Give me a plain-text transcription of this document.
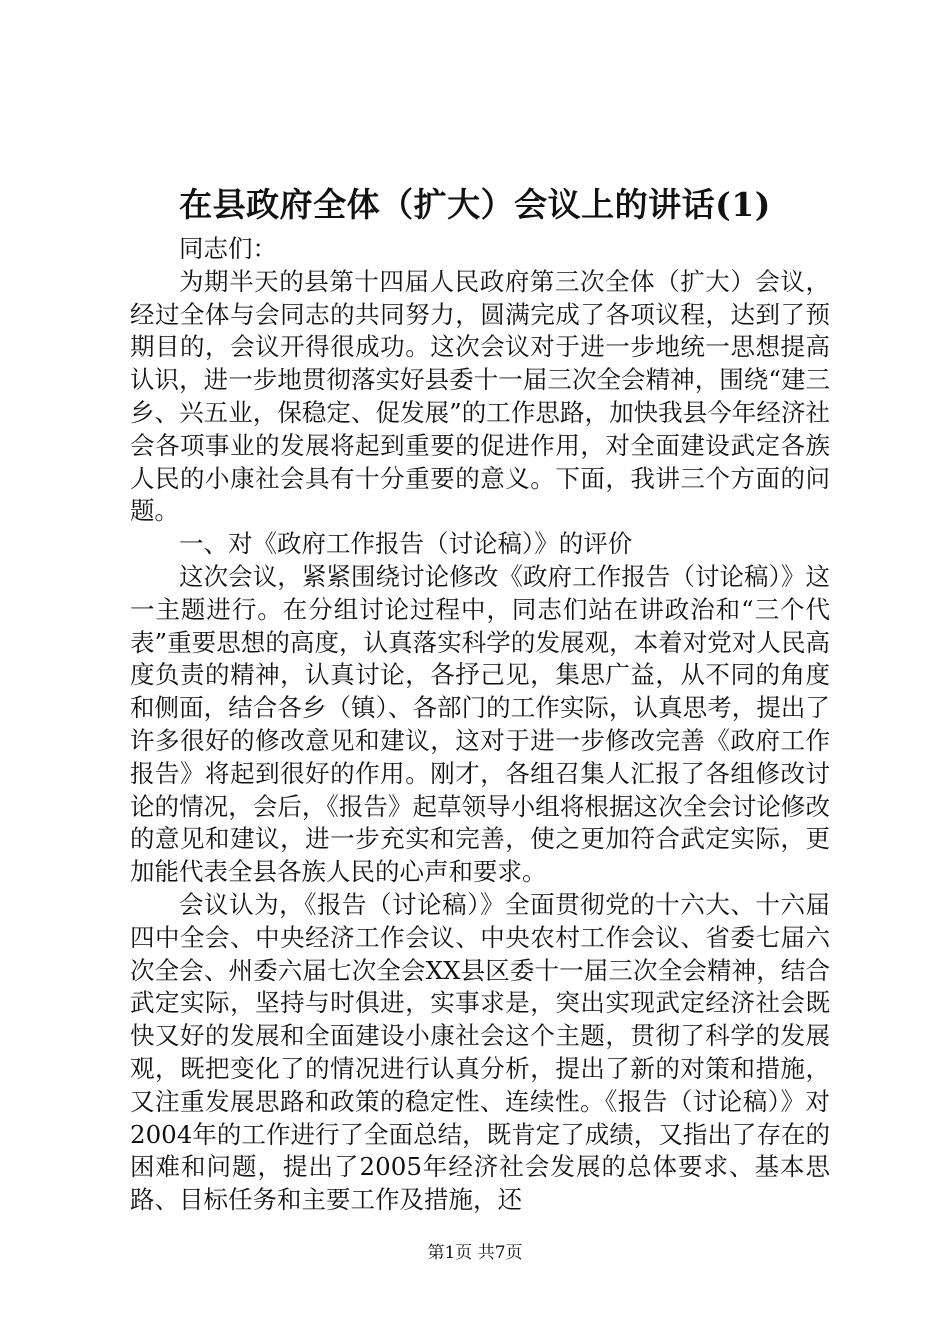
在县政府全体（扩大）会议上的讲话(1)

同志们：

为期半天的县第十四届人民政府第三次全体（扩大）会议，经过全体与会同志的共同努力，圆满完成了各项议程，达到了预期目的，会议开得很成功。这次会议对于进一步地统一思想提高认识，进一步地贯彻落实好县委十一届三次全会精神，围绕“建三乡、兴五业，保稳定、促发展”的工作思路，加快我县今年经济社会各项事业的发展将起到重要的促进作用，对全面建设武定各族人民的小康社会具有十分重要的意义。下面，我讲三个方面的问题。

一、对《政府工作报告（讨论稿）》的评价

这次会议，紧紧围绕讨论修改《政府工作报告（讨论稿）》这一主题进行。在分组讨论过程中，同志们站在讲政治和“三个代表”重要思想的高度，认真落实科学的发展观，本着对党对人民高度负责的精神，认真讨论，各抒己见，集思广益，从不同的角度和侧面，结合各乡（镇）、各部门的工作实际，认真思考，提出了许多很好的修改意见和建议，这对于进一步修改完善《政府工作报告》将起到很好的作用。刚才，各组召集人汇报了各组修改讨论的情况，会后，《报告》起草领导小组将根据这次全会讨论修改的意见和建议，进一步充实和完善，使之更加符合武定实际，更加能代表全县各族人民的心声和要求。

会议认为，《报告（讨论稿）》全面贯彻党的十六大、十六届四中全会、中央经济工作会议、中央农村工作会议、省委七届六次全会、州委六届七次全会XX县区委十一届三次全会精神，结合武定实际，坚持与时俱进，实事求是，突出实现武定经济社会既快又好的发展和全面建设小康社会这个主题，贯彻了科学的发展观，既把变化了的情况进行认真分析，提出了新的对策和措施，又注重发展思路和政策的稳定性、连续性。《报告（讨论稿）》对2004年的工作进行了全面总结，既肯定了成绩，又指出了存在的困难和问题，提出了2005年经济社会发展的总体要求、基本思路、目标任务和主要工作及措施，还

第1页 共7页
